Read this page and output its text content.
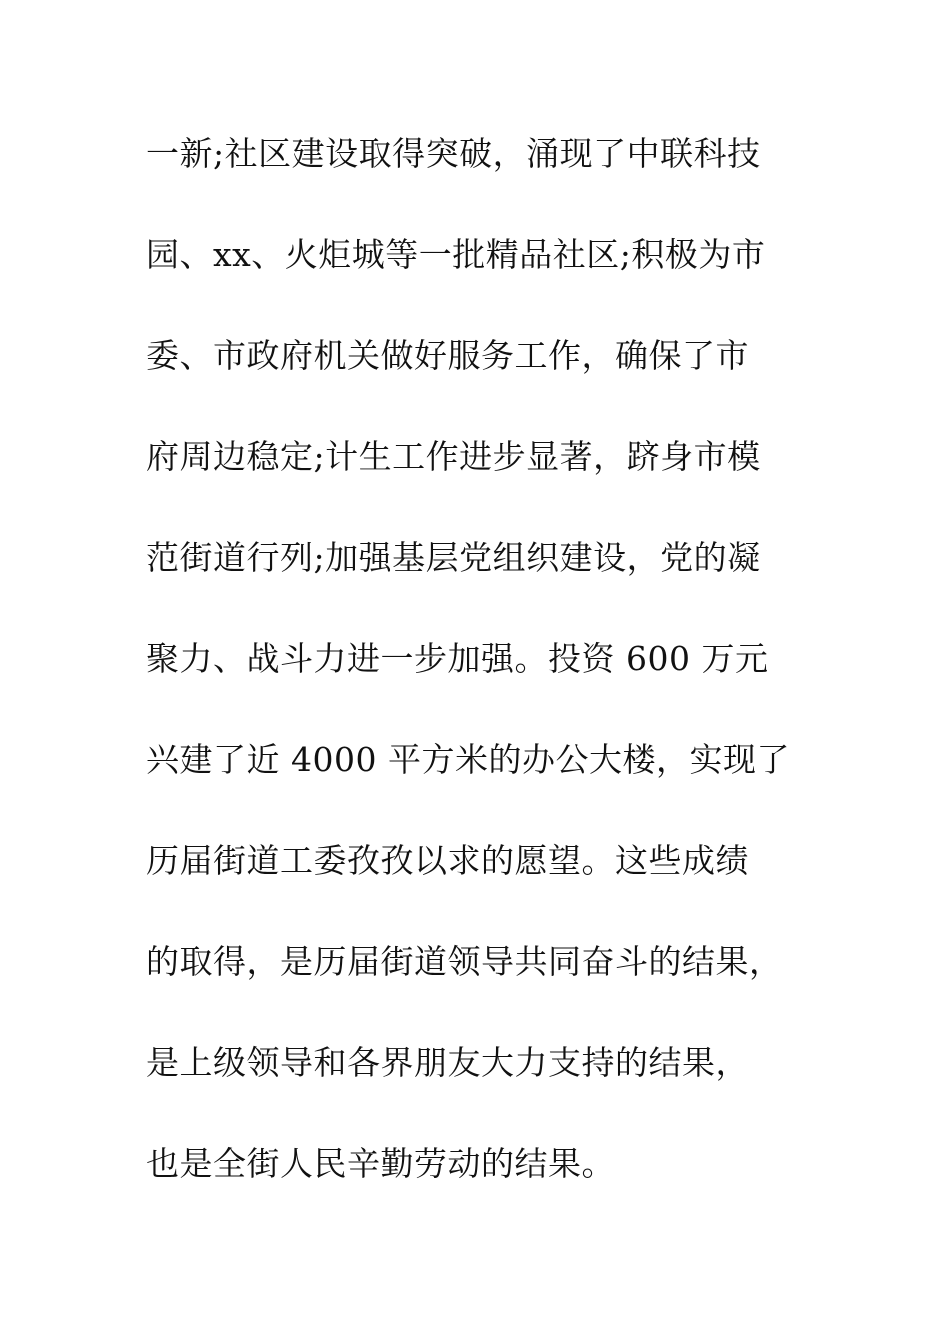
一新;社区建设取得突破，涌现了中联科技
园、xx、火炬城等一批精品社区;积极为市
委、市政府机关做好服务工作，确保了市
府周边稳定;计生工作进步显著，跻身市模
范街道行列;加强基层党组织建设，党的凝
聚力、战斗力进一步加强。投资 600 万元
兴建了近 4000 平方米的办公大楼，实现了
历届街道工委孜孜以求的愿望。这些成绩
的取得，是历届街道领导共同奋斗的结果，
是上级领导和各界朋友大力支持的结果，
也是全街人民辛勤劳动的结果。
